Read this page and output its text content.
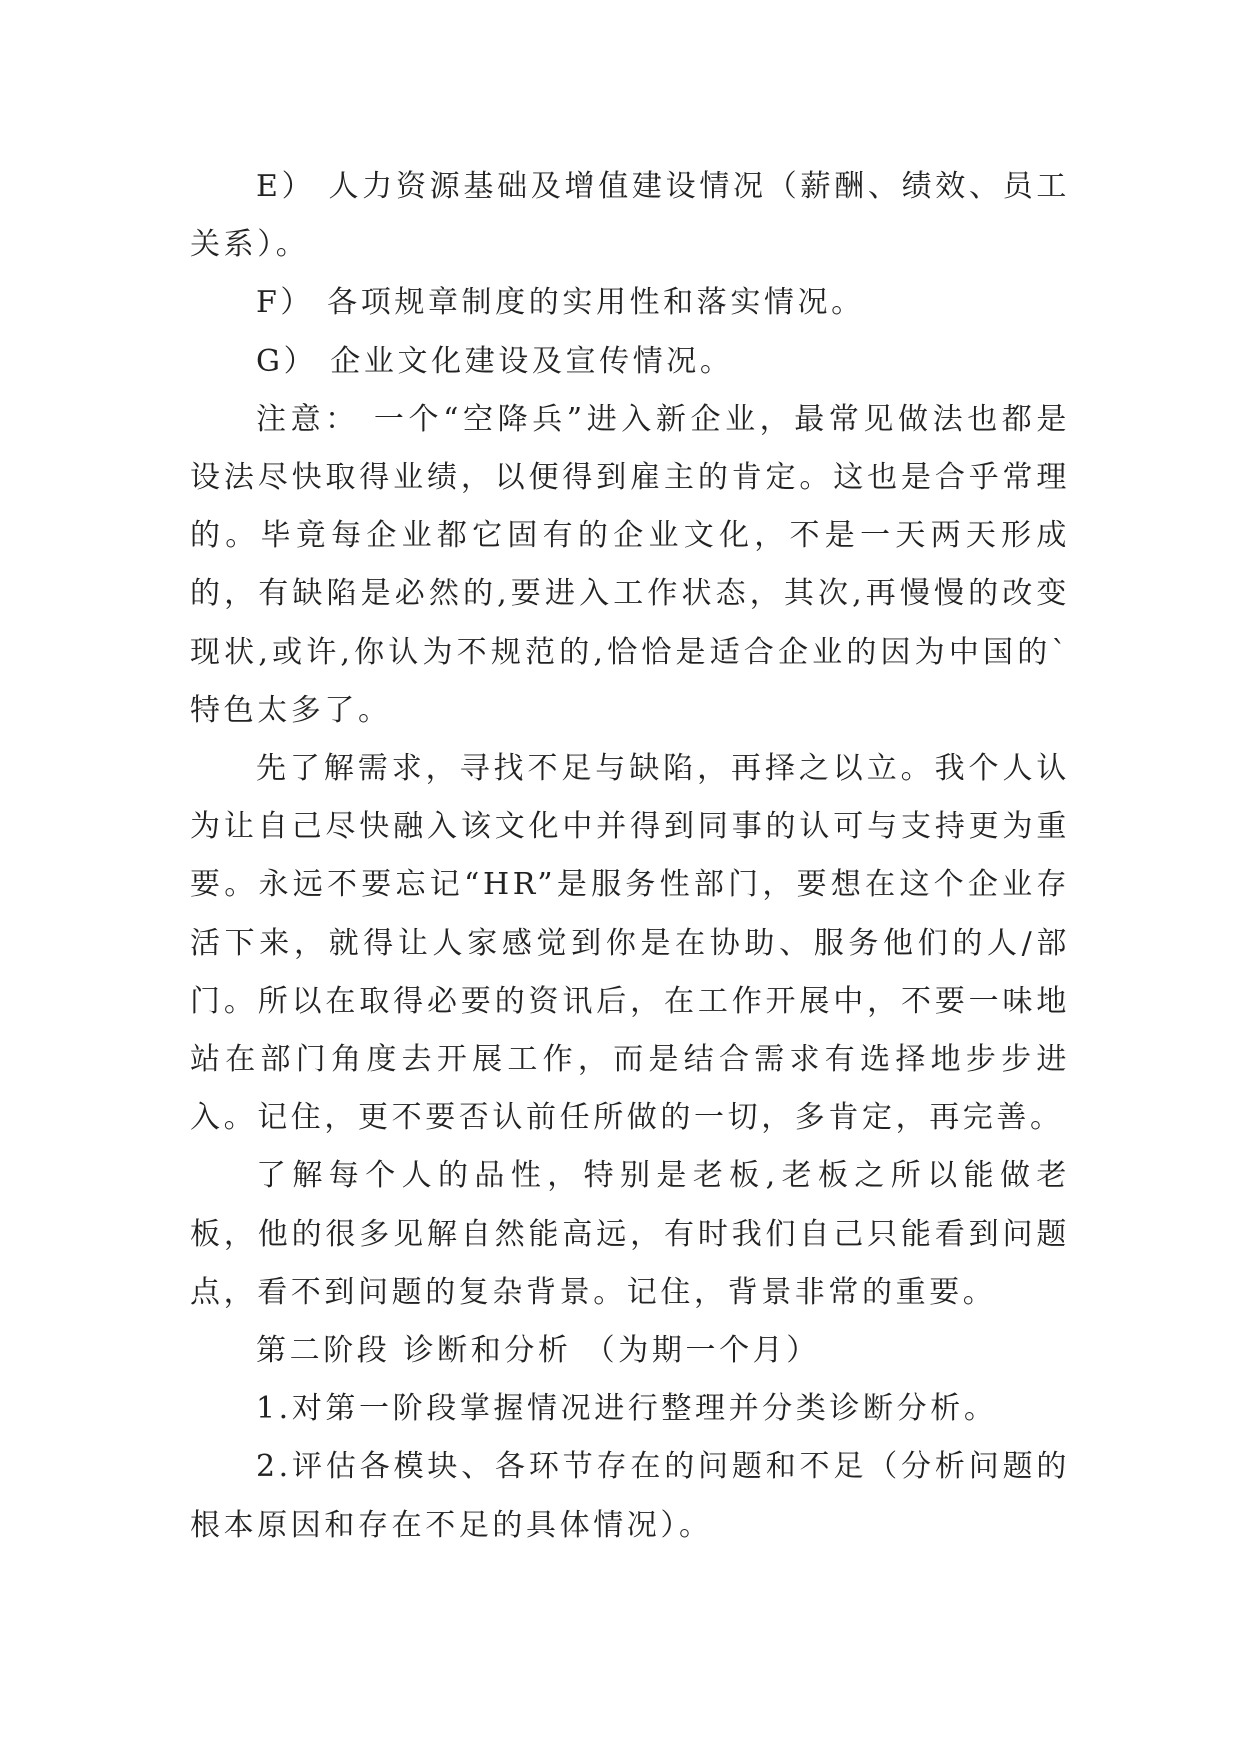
E） 人力资源基础及增值建设情况（薪酬、绩效、员工关系）。

F） 各项规章制度的实用性和落实情况。

G） 企业文化建设及宣传情况。

注意： 一个“空降兵”进入新企业，最常见做法也都是设法尽快取得业绩，以便得到雇主的肯定。这也是合乎常理的。毕竟每企业都它固有的企业文化，不是一天两天形成的，有缺陷是必然的,要进入工作状态，其次,再慢慢的改变现状,或许,你认为不规范的,恰恰是适合企业的因为中国的`特色太多了。

先了解需求，寻找不足与缺陷，再择之以立。我个人认为让自己尽快融入该文化中并得到同事的认可与支持更为重要。永远不要忘记“HR”是服务性部门，要想在这个企业存活下来，就得让人家感觉到你是在协助、服务他们的人/部门。所以在取得必要的资讯后，在工作开展中，不要一味地站在部门角度去开展工作，而是结合需求有选择地步步进入。记住，更不要否认前任所做的一切，多肯定，再完善。

了解每个人的品性，特别是老板,老板之所以能做老板，他的很多见解自然能高远，有时我们自己只能看到问题点，看不到问题的复杂背景。记住，背景非常的重要。

第二阶段 诊断和分析 （为期一个月）

1.对第一阶段掌握情况进行整理并分类诊断分析。

2.评估各模块、各环节存在的问题和不足（分析问题的根本原因和存在不足的具体情况）。
